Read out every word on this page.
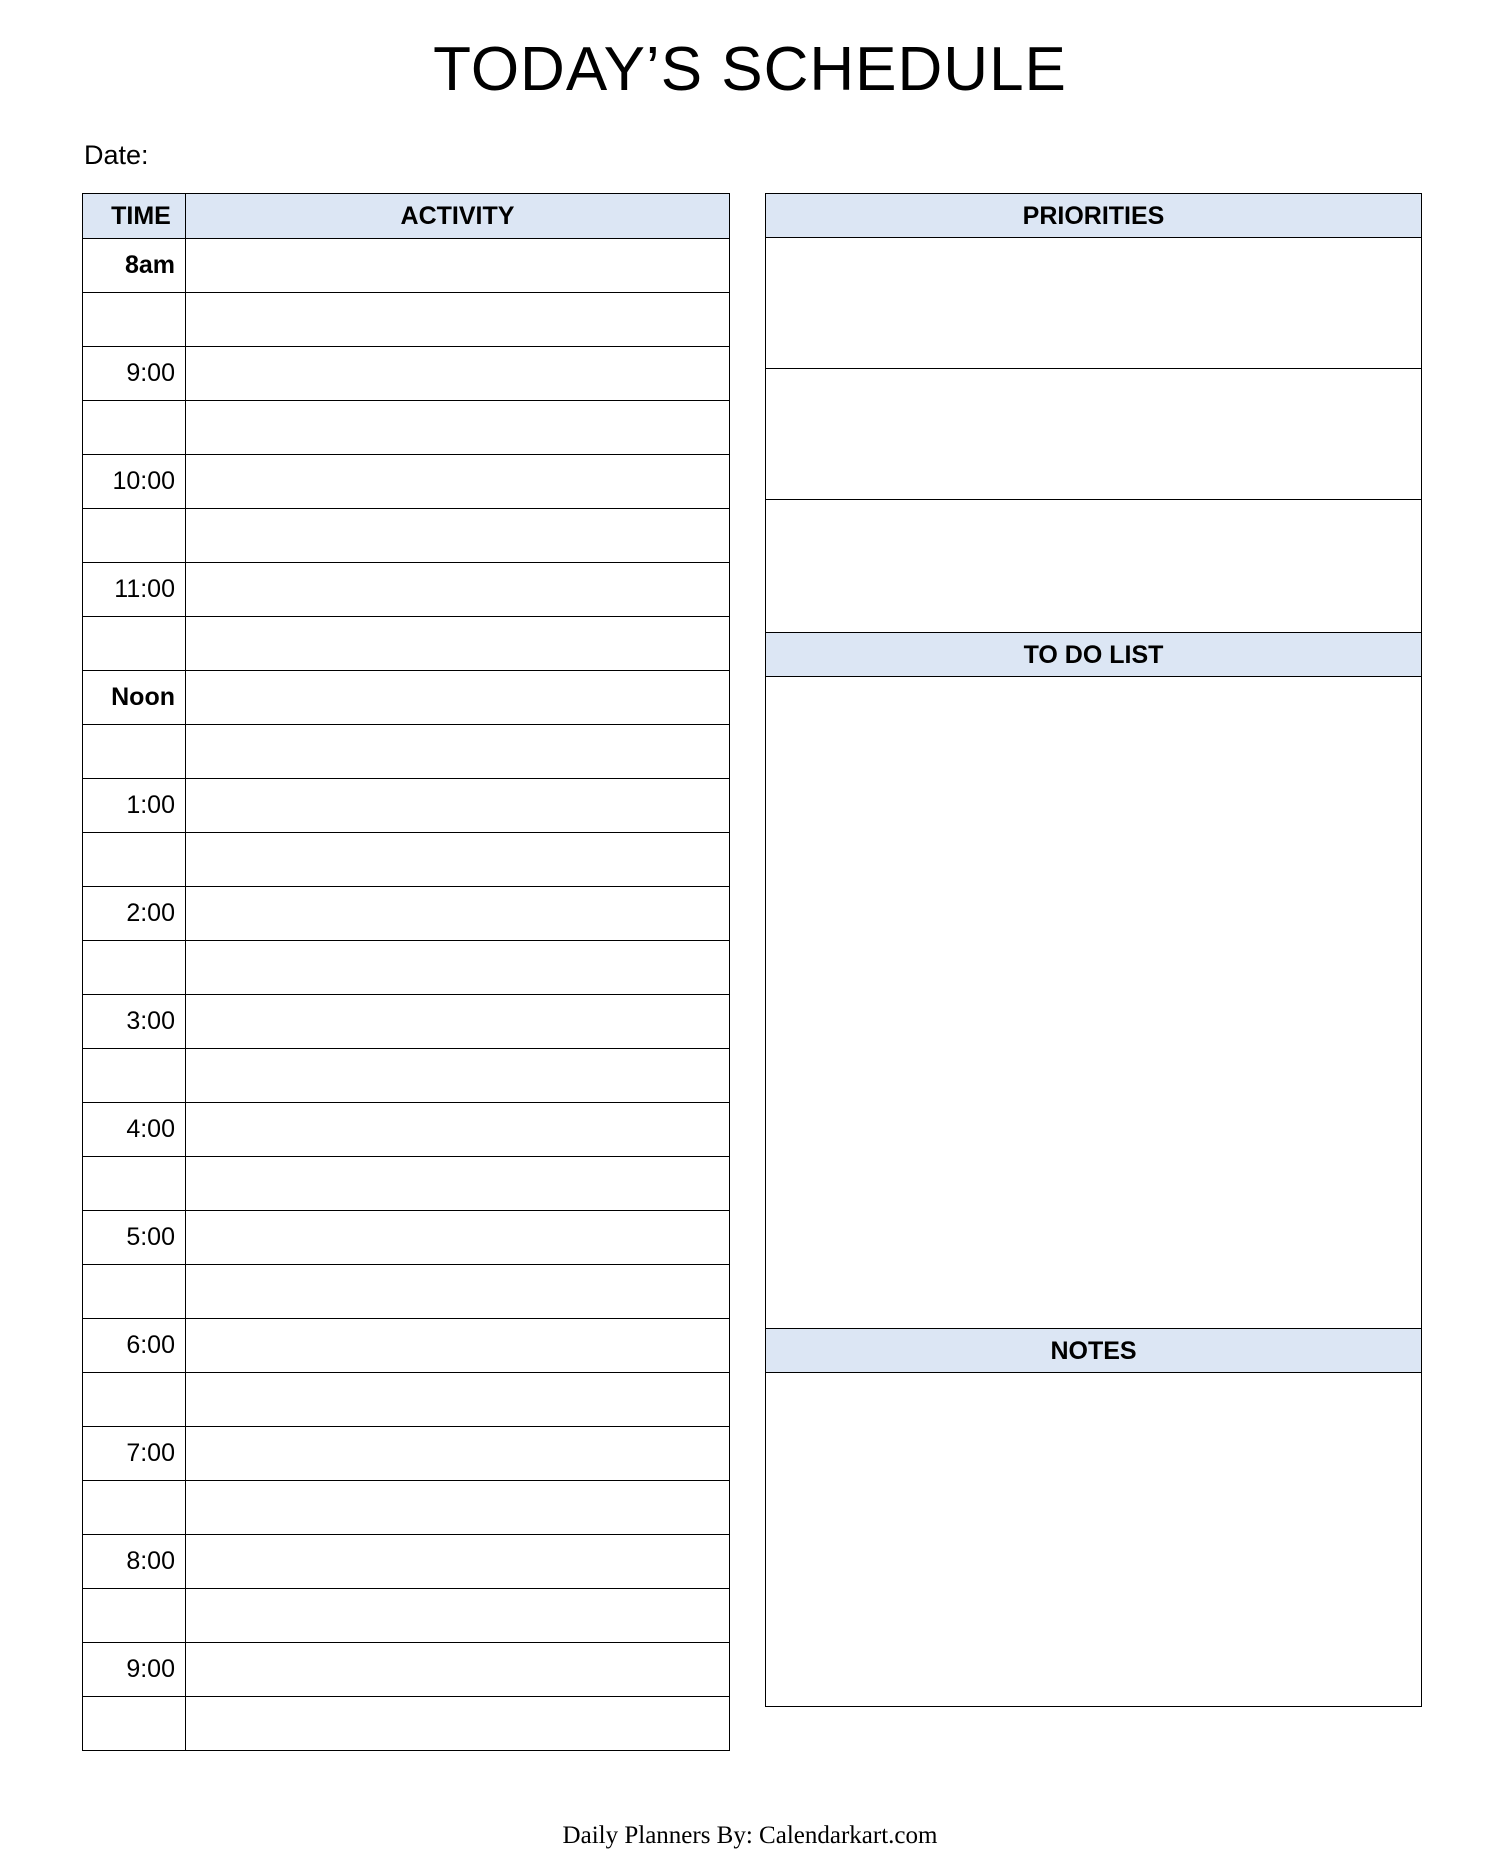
TODAY’S SCHEDULE
Date:
TIME	ACTIVITY
8am	

9:00	

10:00	

11:00	

Noon	

1:00	

2:00	

3:00	

4:00	

5:00	

6:00	

7:00	

8:00	

9:00	

PRIORITIES
TO DO LIST
NOTES
Daily Planners By: Calendarkart.com
